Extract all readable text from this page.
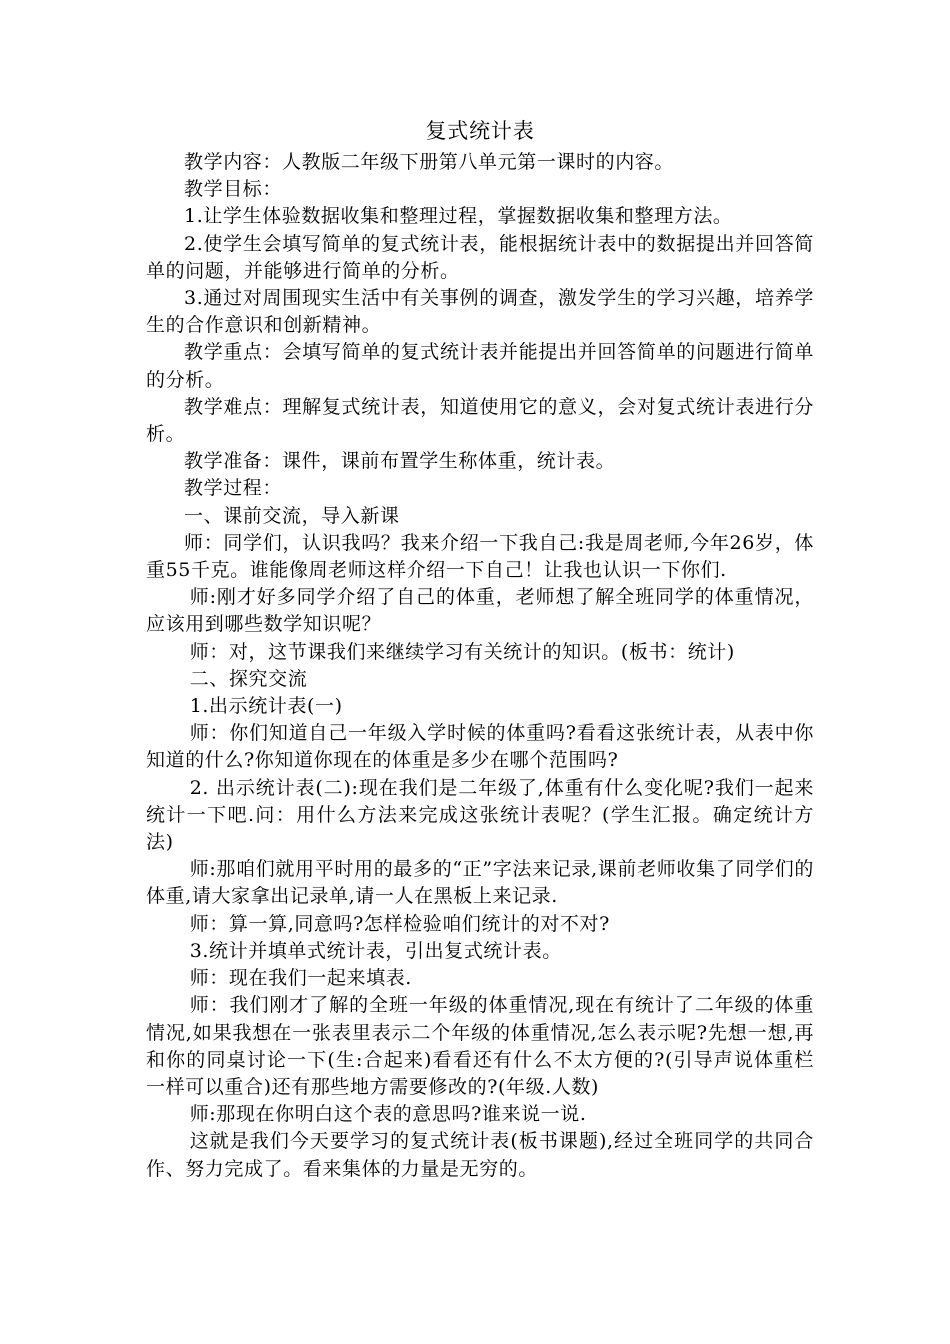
复式统计表

教学内容：人教版二年级下册第八单元第一课时的内容。

教学目标：

1.让学生体验数据收集和整理过程，掌握数据收集和整理方法。

2.使学生会填写简单的复式统计表，能根据统计表中的数据提出并回答简单的问题，并能够进行简单的分析。

3.通过对周围现实生活中有关事例的调查，激发学生的学习兴趣，培养学生的合作意识和创新精神。

教学重点：会填写简单的复式统计表并能提出并回答简单的问题进行简单的分析。

教学难点：理解复式统计表，知道使用它的意义，会对复式统计表进行分析。

教学准备：课件，课前布置学生称体重，统计表。

教学过程：

一、课前交流，导入新课

师：同学们，认识我吗？我来介绍一下我自己:我是周老师,今年26岁，体重55千克。谁能像周老师这样介绍一下自己！让我也认识一下你们.

师:刚才好多同学介绍了自己的体重，老师想了解全班同学的体重情况，应该用到哪些数学知识呢？

师：对，这节课我们来继续学习有关统计的知识。(板书：统计)

二、探究交流

1.出示统计表(一)

师：你们知道自己一年级入学时候的体重吗?看看这张统计表，从表中你知道的什么?你知道你现在的体重是多少在哪个范围吗?

2. 出示统计表(二):现在我们是二年级了,体重有什么变化呢?我们一起来统计一下吧.问：用什么方法来完成这张统计表呢？(学生汇报。确定统计方法)

师:那咱们就用平时用的最多的“正”字法来记录,课前老师收集了同学们的体重,请大家拿出记录单,请一人在黑板上来记录.

师：算一算,同意吗?怎样检验咱们统计的对不对?

3.统计并填单式统计表，引出复式统计表。

师：现在我们一起来填表.

师：我们刚才了解的全班一年级的体重情况,现在有统计了二年级的体重情况,如果我想在一张表里表示二个年级的体重情况,怎么表示呢?先想一想,再和你的同桌讨论一下(生:合起来)看看还有什么不太方便的?(引导声说体重栏一样可以重合)还有那些地方需要修改的?(年级.人数)

师:那现在你明白这个表的意思吗?谁来说一说.

这就是我们今天要学习的复式统计表(板书课题),经过全班同学的共同合作、努力完成了。看来集体的力量是无穷的。
